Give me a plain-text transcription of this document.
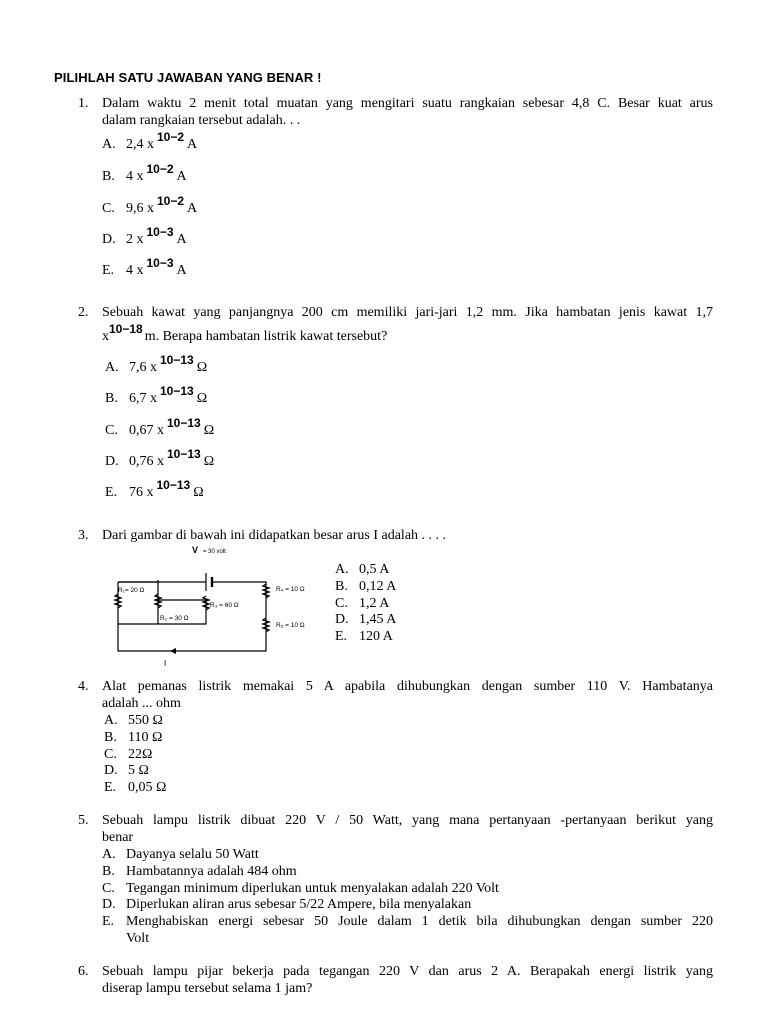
PILIHLAH SATU JAWABAN YANG BENAR !
1. Dalam waktu 2 menit total muatan yang mengitari suatu rangkaian sebesar 4,8 C. Besar kuat arus
dalam rangkaian tersebut adalah. . .
A. 2,4 x 10−2 A
B. 4 x 10−2 A
C. 9,6 x 10−2 A
D. 2 x 10−3 A
E. 4 x 10−3 A
2. Sebuah kawat yang panjangnya 200 cm memiliki jari-jari 1,2 mm. Jika hambatan jenis kawat 1,7
x10−18 m. Berapa hambatan listrik kawat tersebut?
A. 7,6 x 10−13 Ω
B. 6,7 x 10−13 Ω
C. 0,67 x 10−13 Ω
D. 0,76 x 10−13 Ω
E. 76 x 10−13 Ω
3. Dari gambar di bawah ini didapatkan besar arus I adalah . . . .
V = 30 volt
R₁= 20 Ω
R₂ = 30 Ω
R₃ = 60 Ω
R₄ = 10 Ω
R₅ = 10 Ω
I
A. 0,5 A
B. 0,12 A
C. 1,2 A
D. 1,45 A
E. 120 A
4. Alat pemanas listrik memakai 5 A apabila dihubungkan dengan sumber 110 V. Hambatanya
adalah ... ohm
A. 550 Ω
B. 110 Ω
C. 22Ω
D. 5 Ω
E. 0,05 Ω
5. Sebuah lampu listrik dibuat 220 V / 50 Watt, yang mana pertanyaan -pertanyaan berikut yang
benar
A. Dayanya selalu 50 Watt
B. Hambatannya adalah 484 ohm
C. Tegangan minimum diperlukan untuk menyalakan adalah 220 Volt
D. Diperlukan aliran arus sebesar 5/22 Ampere, bila menyalakan
E. Menghabiskan energi sebesar 50 Joule dalam 1 detik bila dihubungkan dengan sumber 220
Volt
6. Sebuah lampu pijar bekerja pada tegangan 220 V dan arus 2 A. Berapakah energi listrik yang
diserap lampu tersebut selama 1 jam?
